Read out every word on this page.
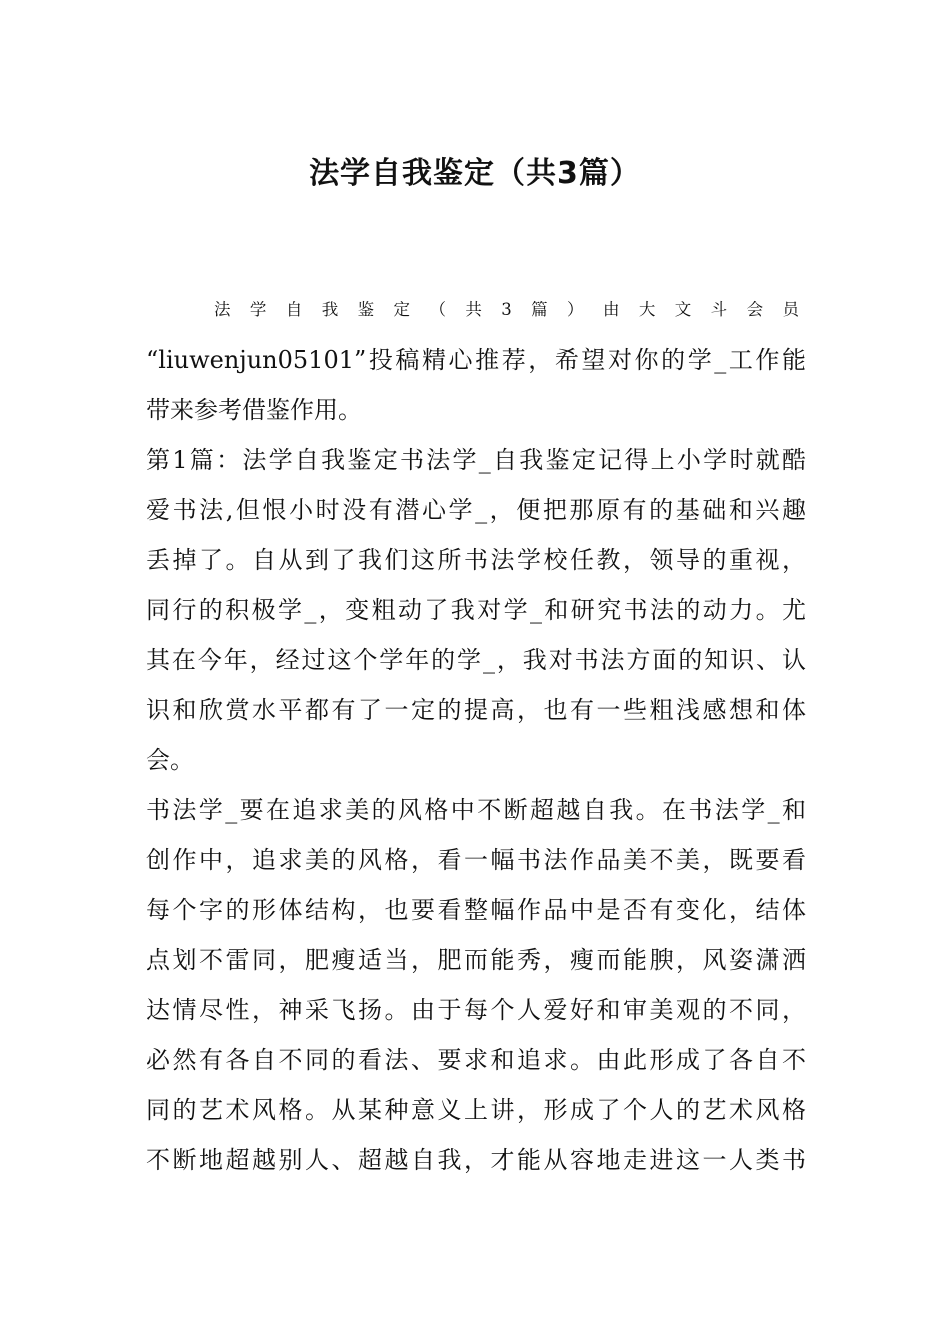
法学自我鉴定（共3篇）

法 学 自 我 鉴 定 （ 共 3 篇 ） 由 大 文 斗 会 员

“liuwenjun05101”投稿精心推荐，希望对你的学_工作能

带来参考借鉴作用。

第1篇：法学自我鉴定书法学_自我鉴定记得上小学时就酷

爱书法,但恨小时没有潜心学_，便把那原有的基础和兴趣

丢掉了。自从到了我们这所书法学校任教，领导的重视，

同行的积极学_，变粗动了我对学_和研究书法的动力。尤

其在今年，经过这个学年的学_，我对书法方面的知识、认

识和欣赏水平都有了一定的提高，也有一些粗浅感想和体

会。

书法学_要在追求美的风格中不断超越自我。在书法学_和

创作中，追求美的风格，看一幅书法作品美不美，既要看

每个字的形体结构，也要看整幅作品中是否有变化，结体

点划不雷同，肥瘦适当，肥而能秀，瘦而能腴，风姿潇洒

达情尽性，神采飞扬。由于每个人爱好和审美观的不同，

必然有各自不同的看法、要求和追求。由此形成了各自不

同的艺术风格。从某种意义上讲，形成了个人的艺术风格

不断地超越别人、超越自我，才能从容地走进这一人类书
